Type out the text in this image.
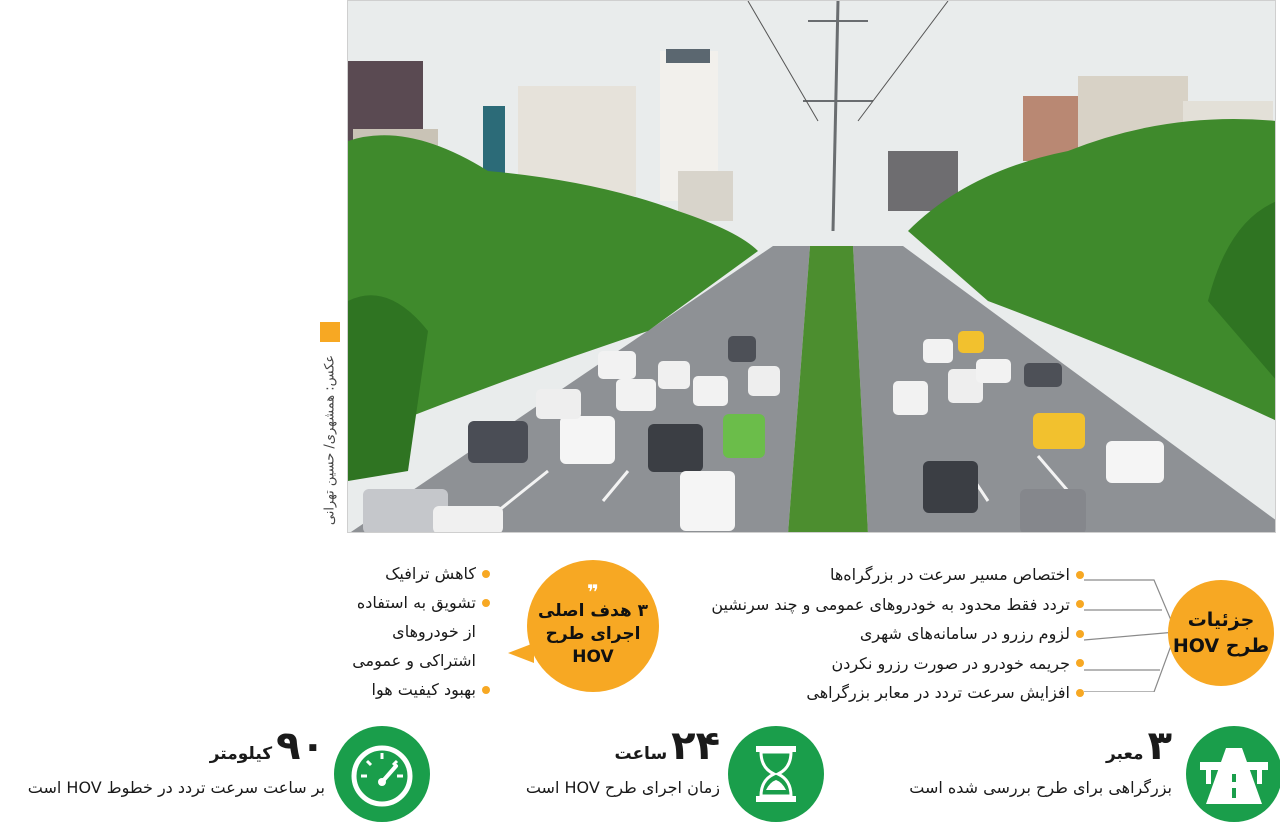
عکس: همشهری/ حسین تهرانی
جزئیات
طرح HOV
اختصاص مسیر سرعت در بزرگراه‌ها
تردد فقط محدود به خودروهای عمومی و چند سرنشین
لزوم رزرو در سامانه‌های شهری
جریمه خودرو در صورت رزرو نکردن
افزایش سرعت تردد در معابر بزرگراهی
❞
۳ هدف اصلی
اجرای طرح HOV
کاهش ترافیک
تشویق به استفاده
از خودروهای
اشتراکی و عمومی
بهبود کیفیت هوا
۳معبر
بزرگراهی برای طرح بررسی شده است
۲۴ساعت
زمان اجرای طرح HOV است
۹۰کیلومتر
بر ساعت سرعت تردد در خطوط HOV است
